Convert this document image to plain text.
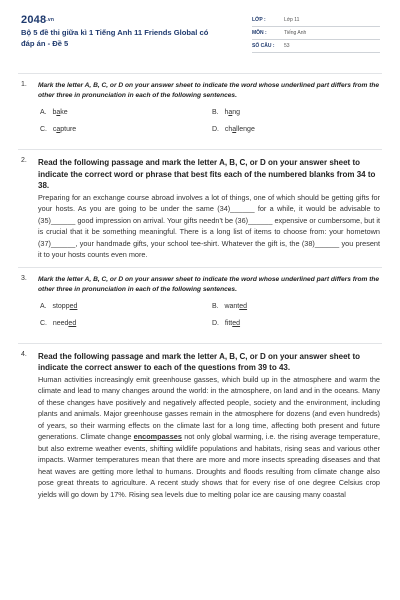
2048.vn
Bộ 5 đề thi giữa kì 1 Tiếng Anh 11 Friends Global có đáp án - Đề 5
LỚP :	Lớp 11
MÔN :	Tiếng Anh
SỐ CÂU : 53
1. Mark the letter A, B, C, or D on your answer sheet to indicate the word whose underlined part differs from the other three in pronunciation in each of the following sentences.
A. bake	B. hang
C. capture	D. challenge
2. Read the following passage and mark the letter A, B, C, or D on your answer sheet to indicate the correct word or phrase that best fits each of the numbered blanks from 34 to 38.
Preparing for an exchange course abroad involves a lot of things, one of which should be getting gifts for your hosts. As you are going to be under the same (34)______ for a while, it would be advisable to (35)______ good impression on arrival. Your gifts needn't be (36)______ expensive or cumbersome, but it is crucial that it be something meaningful. There is a long list of items to choose from: your hometown (37)______, your handmade gifts, your school tee-shirt. Whatever the gift is, the (38)______ you present it to your hosts counts even more.
3. Mark the letter A, B, C, or D on your answer sheet to indicate the word whose underlined part differs from the other three in pronunciation in each of the following sentences.
A. stopped	B. wanted
C. needed	D. fitted
4. Read the following passage and mark the letter A, B, C, or D on your answer sheet to indicate the correct answer to each of the questions from 39 to 43.
Human activities increasingly emit greenhouse gasses, which build up in the atmosphere and warm the climate and lead to many changes around the world: in the atmosphere, on land and in the oceans. Many of these changes have positively and negatively affected people, society and the environment, including plants and animals. Major greenhouse gasses remain in the atmosphere for dozens (and even hundreds) of years, so their warming effects on the climate last for a long time, affecting both present and future generations. Climate change encompasses not only global warming, i.e. the rising average temperature, but also extreme weather events, shifting wildlife populations and habitats, rising seas and various other impacts. Warmer temperatures mean that there are more and more insects spreading diseases and that heat waves are getting more lethal to humans. Droughts and floods resulting from climate change also pose great threats to agriculture. A recent study shows that for every rise of one degree Celsius crop yields will go down by 17%. Rising sea levels due to melting polar ice are causing many coastal
